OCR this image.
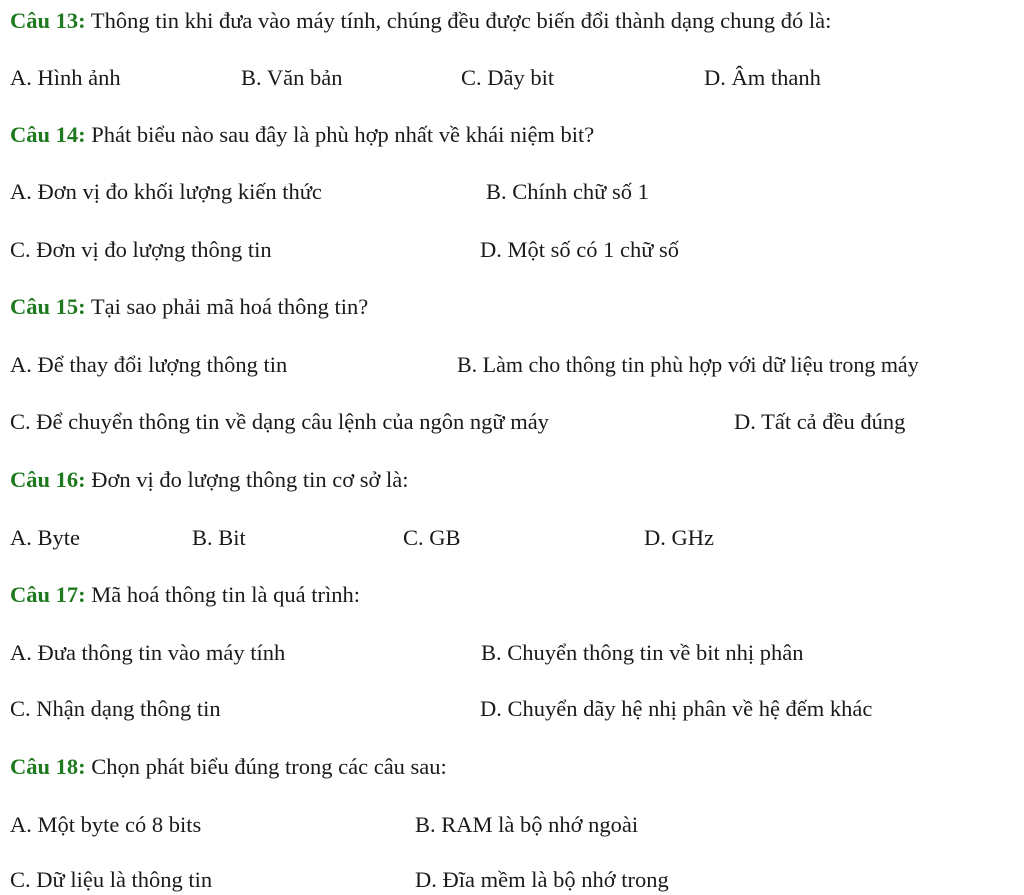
Câu 13: Thông tin khi đưa vào máy tính, chúng đều được biến đổi thành dạng chung đó là:
A. Hình ảnh	B. Văn bản	C. Dãy bit	D. Âm thanh
Câu 14: Phát biểu nào sau đây là phù hợp nhất về khái niệm bit?
A. Đơn vị đo khối lượng kiến thức	B. Chính chữ số 1
C. Đơn vị đo lượng thông tin	D. Một số có 1 chữ số
Câu 15: Tại sao phải mã hoá thông tin?
A. Để thay đổi lượng thông tin	B. Làm cho thông tin phù hợp với dữ liệu trong máy
C. Để chuyển thông tin về dạng câu lệnh của ngôn ngữ máy	D. Tất cả đều đúng
Câu 16: Đơn vị đo lượng thông tin cơ sở là:
A. Byte	B. Bit	C. GB	D. GHz
Câu 17: Mã hoá thông tin là quá trình:
A. Đưa thông tin vào máy tính	B. Chuyển thông tin về bit nhị phân
C. Nhận dạng thông tin	D. Chuyển dãy hệ nhị phân về hệ đếm khác
Câu 18: Chọn phát biểu đúng trong các câu sau:
A. Một byte có 8 bits	B. RAM là bộ nhớ ngoài
C. Dữ liệu là thông tin	D. Đĩa mềm là bộ nhớ trong
